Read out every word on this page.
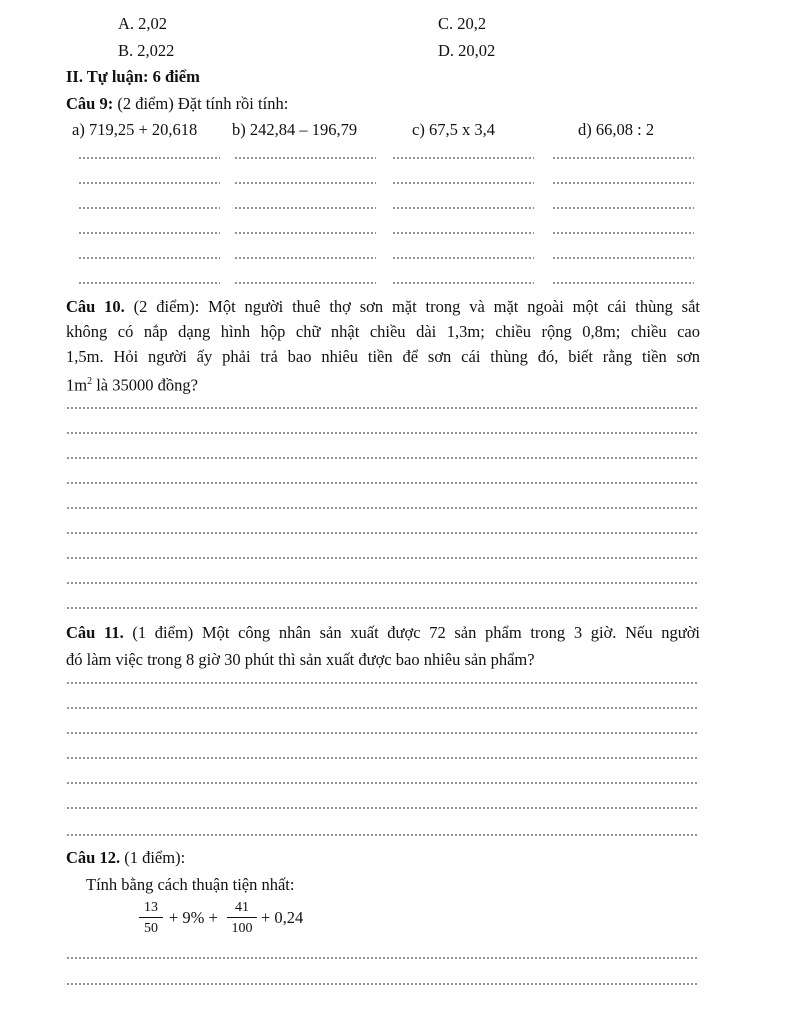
A. 2,02	C. 20,2
B. 2,022	D. 20,02
II. Tự luận: 6 điểm
Câu 9: (2 điểm) Đặt tính rồi tính:
a) 719,25 + 20,618 b) 242,84 – 196,79	c) 67,5 x 3,4	d) 66,08 : 2
Câu 10. (2 điểm): Một người thuê thợ sơn mặt trong và mặt ngoài một cái thùng sắt
không có nắp dạng hình hộp chữ nhật chiều dài 1,3m; chiều rộng 0,8m; chiều cao
1,5m. Hỏi người ấy phải trả bao nhiêu tiền để sơn cái thùng đó, biết rằng tiền sơn
$1m^2$ là 35000 đồng?
Câu 11. (1 điểm) Một công nhân sản xuất được 72 sản phẩm trong 3 giờ. Nếu người
đó làm việc trong 8 giờ 30 phút thì sản xuất được bao nhiêu sản phẩm?
Câu 12. (1 điểm):
Tính bằng cách thuận tiện nhất:
13
50
+ 9% +
41
100
+ 0,24
